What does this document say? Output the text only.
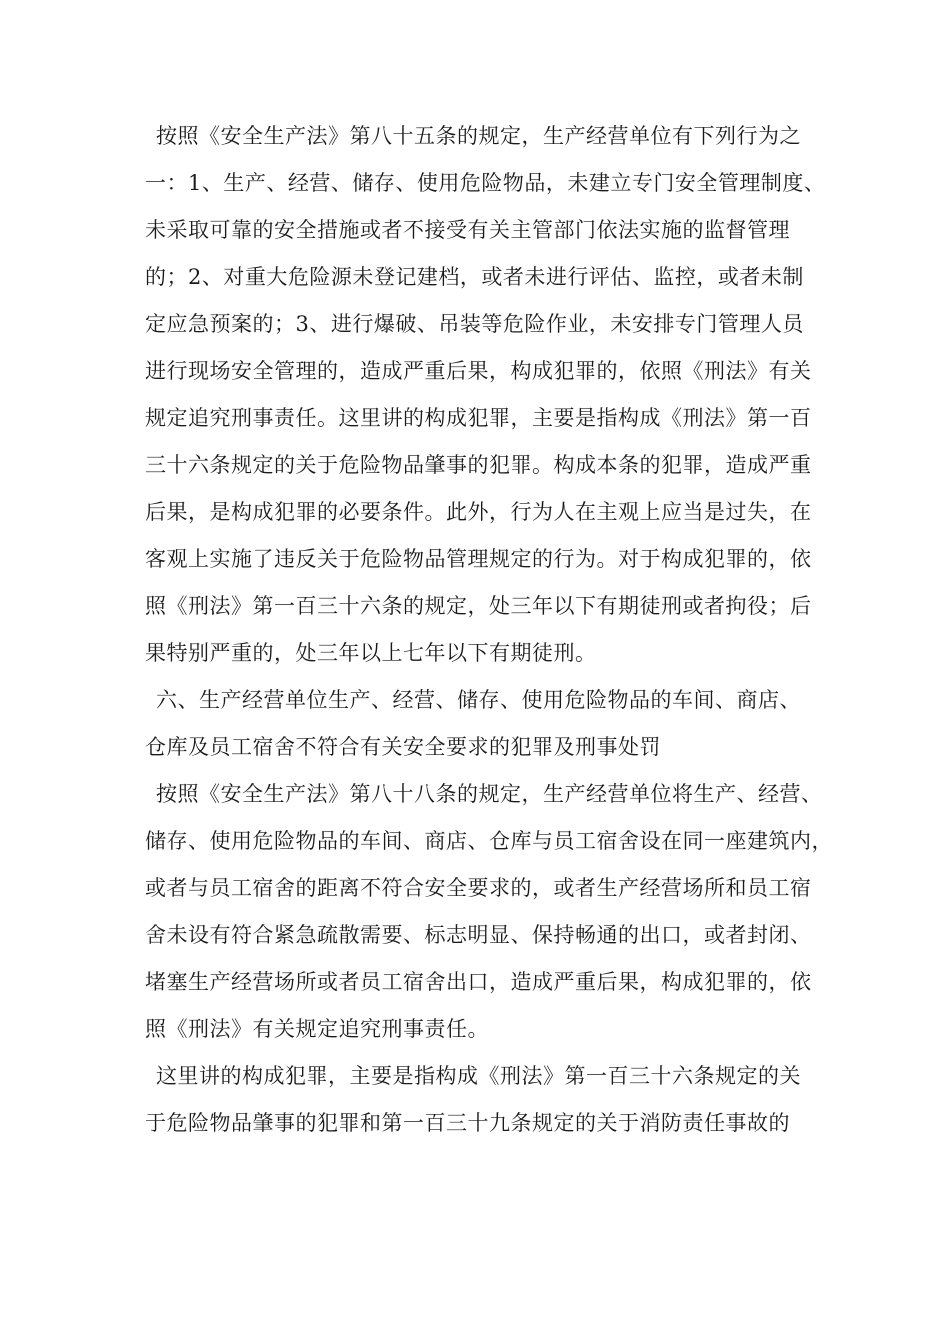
按照《安全生产法》第八十五条的规定，生产经营单位有下列行为之
一：1、生产、经营、储存、使用危险物品，未建立专门安全管理制度、
未采取可靠的安全措施或者不接受有关主管部门依法实施的监督管理
的；2、对重大危险源未登记建档，或者未进行评估、监控，或者未制
定应急预案的；3、进行爆破、吊装等危险作业，未安排专门管理人员
进行现场安全管理的，造成严重后果，构成犯罪的，依照《刑法》有关
规定追究刑事责任。这里讲的构成犯罪，主要是指构成《刑法》第一百
三十六条规定的关于危险物品肇事的犯罪。构成本条的犯罪，造成严重
后果，是构成犯罪的必要条件。此外，行为人在主观上应当是过失，在
客观上实施了违反关于危险物品管理规定的行为。对于构成犯罪的，依
照《刑法》第一百三十六条的规定，处三年以下有期徒刑或者拘役；后
果特别严重的，处三年以上七年以下有期徒刑。
六、生产经营单位生产、经营、储存、使用危险物品的车间、商店、
仓库及员工宿舍不符合有关安全要求的犯罪及刑事处罚
按照《安全生产法》第八十八条的规定，生产经营单位将生产、经营、
储存、使用危险物品的车间、商店、仓库与员工宿舍设在同一座建筑内，
或者与员工宿舍的距离不符合安全要求的，或者生产经营场所和员工宿
舍未设有符合紧急疏散需要、标志明显、保持畅通的出口，或者封闭、
堵塞生产经营场所或者员工宿舍出口，造成严重后果，构成犯罪的，依
照《刑法》有关规定追究刑事责任。
这里讲的构成犯罪，主要是指构成《刑法》第一百三十六条规定的关
于危险物品肇事的犯罪和第一百三十九条规定的关于消防责任事故的
